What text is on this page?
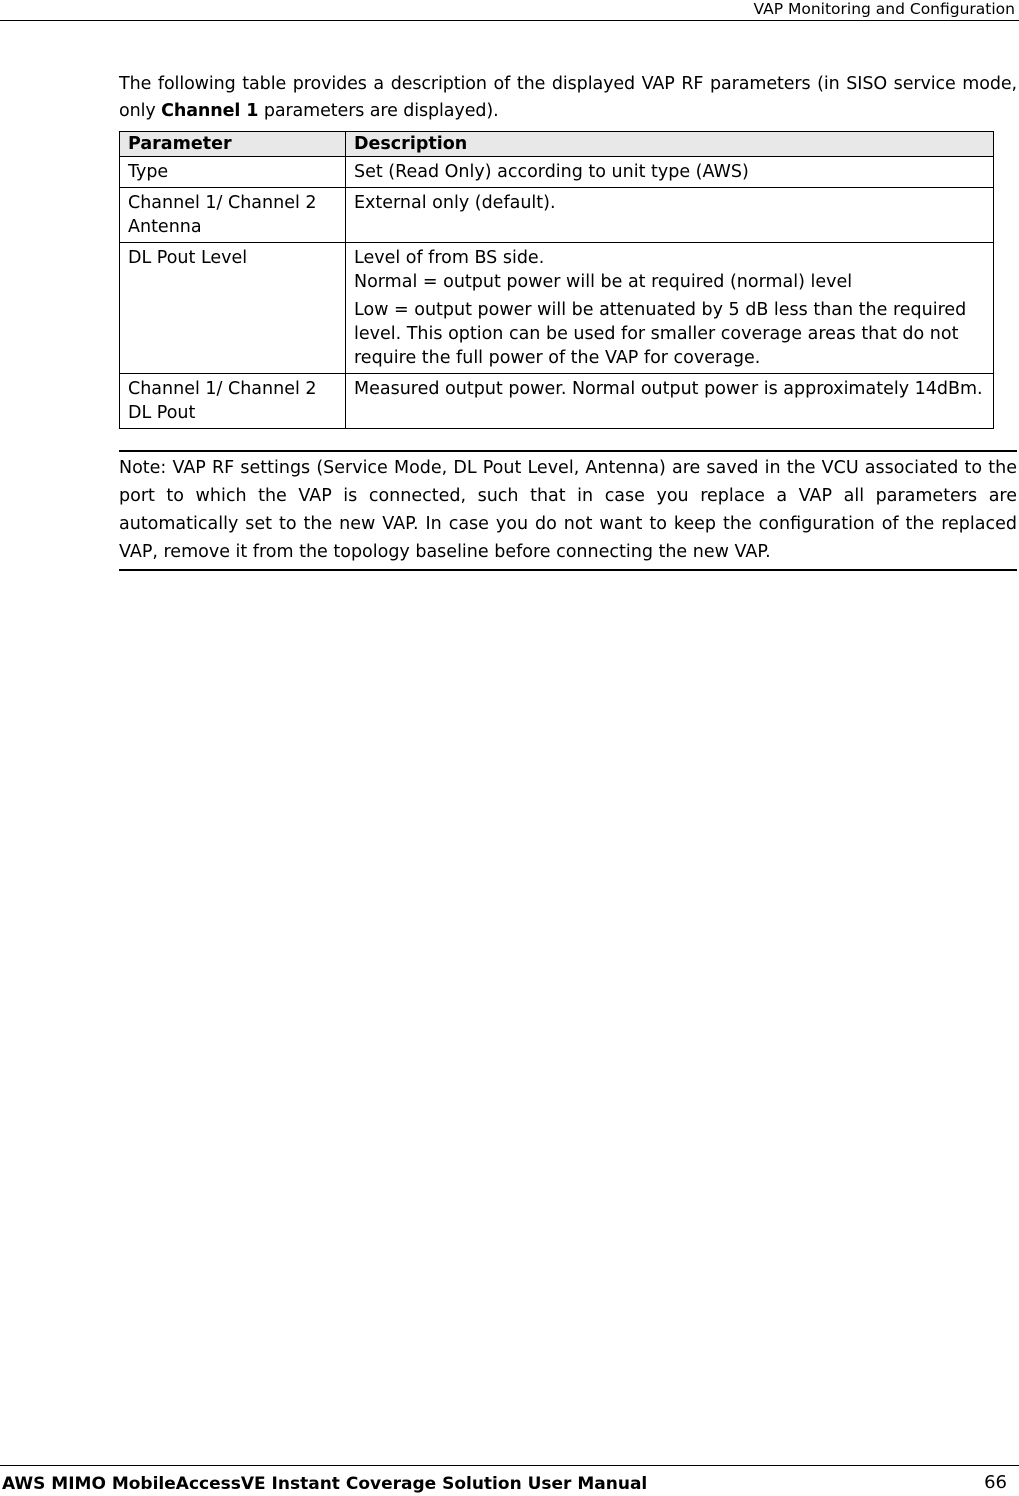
VAP Monitoring and Configuration

The following table provides a description of the displayed VAP RF parameters (in SISO service mode, only Channel 1 parameters are displayed).

Parameter	Description
Type	Set (Read Only) according to unit type (AWS)

Channel 1/ Channel 2
Antenna	External only (default).
DL Pout Level	Level of from BS side.
Normal = output power will be at required (normal) level
Low = output power will be attenuated by 5 dB less than the required level. This option can be used for smaller coverage areas that do not require the full power of the VAP for coverage.

Channel 1/ Channel 2
DL Pout	Measured output power. Normal output power is approximately 14dBm.
Note: VAP RF settings (Service Mode, DL Pout Level, Antenna) are saved in the VCU associated to the port to which the VAP is connected, such that in case you replace a VAP all parameters are automatically set to the new VAP. In case you do not want to keep the configuration of the replaced VAP, remove it from the topology baseline before connecting the new VAP.
AWS MIMO MobileAccessVE Instant Coverage Solution User Manual	66
